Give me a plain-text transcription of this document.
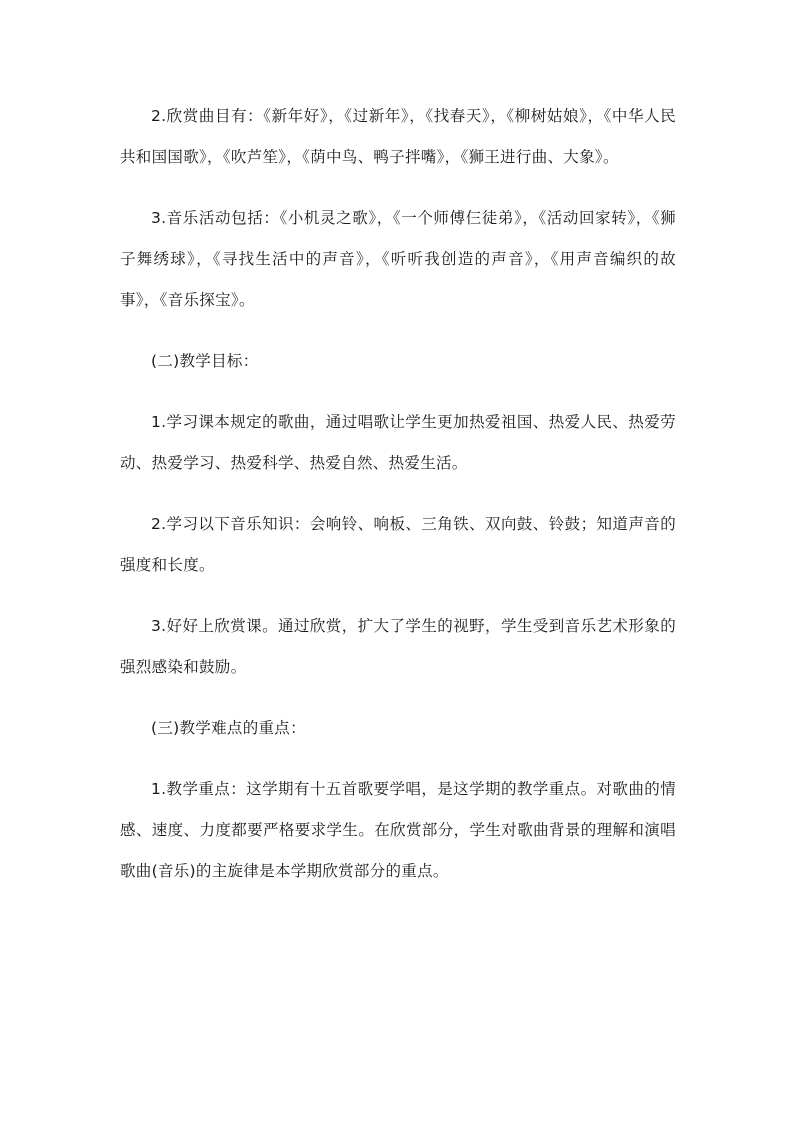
2.欣赏曲目有：《新年好》，《过新年》，《找春天》，《柳树姑娘》，《中华人民共和国国歌》，《吹芦笙》，《荫中鸟、鸭子拌嘴》，《狮王进行曲、大象》。

3.音乐活动包括：《小机灵之歌》，《一个师傅仨徒弟》，《活动回家转》，《狮子舞绣球》，《寻找生活中的声音》，《听听我创造的声音》，《用声音编织的故事》，《音乐探宝》。

(二)教学目标：

1.学习课本规定的歌曲，通过唱歌让学生更加热爱祖国、热爱人民、热爱劳动、热爱学习、热爱科学、热爱自然、热爱生活。

2.学习以下音乐知识：会响铃、响板、三角铁、双向鼓、铃鼓；知道声音的强度和长度。

3.好好上欣赏课。通过欣赏，扩大了学生的视野，学生受到音乐艺术形象的强烈感染和鼓励。

(三)教学难点的重点：

1.教学重点：这学期有十五首歌要学唱，是这学期的教学重点。对歌曲的情感、速度、力度都要严格要求学生。在欣赏部分，学生对歌曲背景的理解和演唱歌曲(音乐)的主旋律是本学期欣赏部分的重点。
